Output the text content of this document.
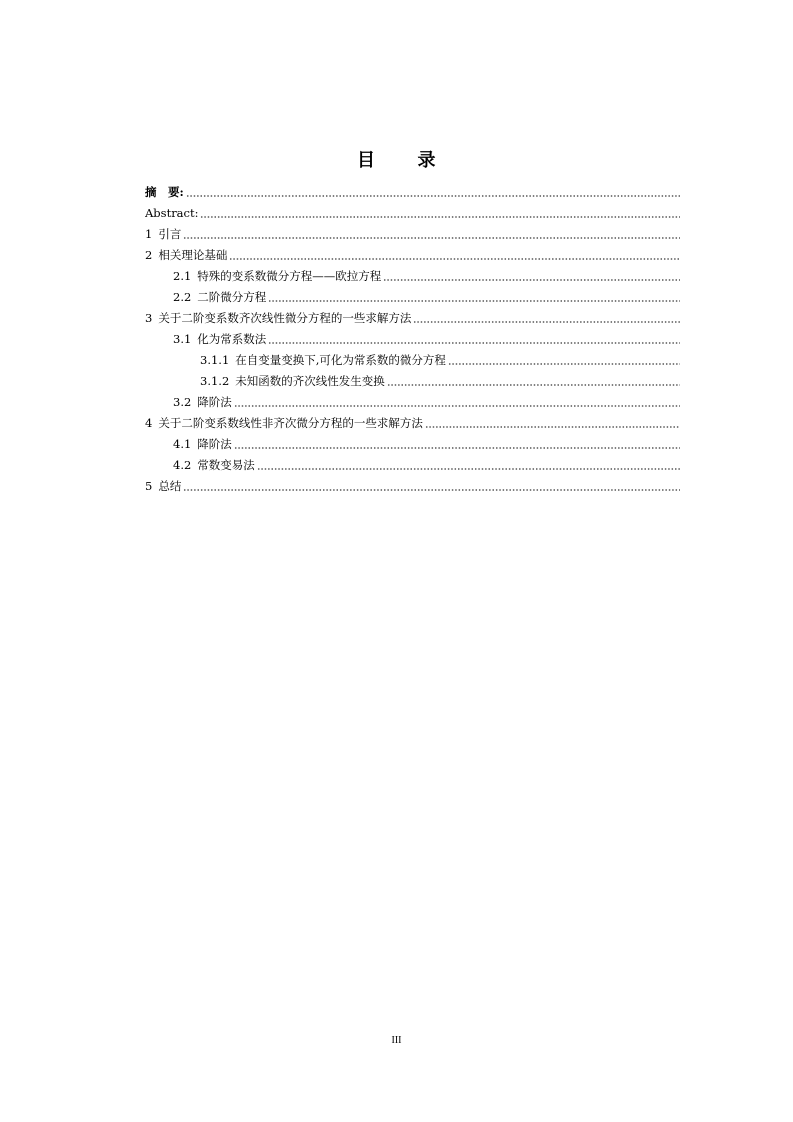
目 录
摘　要:
Abstract:
1 引言
2 相关理论基础
2.1 特殊的变系数微分方程——欧拉方程
2.2 二阶微分方程
3 关于二阶变系数齐次线性微分方程的一些求解方法
3.1 化为常系数法
3.1.1 在自变量变换下,可化为常系数的微分方程
3.1.2 未知函数的齐次线性发生变换
3.2 降阶法
4 关于二阶变系数线性非齐次微分方程的一些求解方法
4.1 降阶法
4.2 常数变易法
5 总结
III
